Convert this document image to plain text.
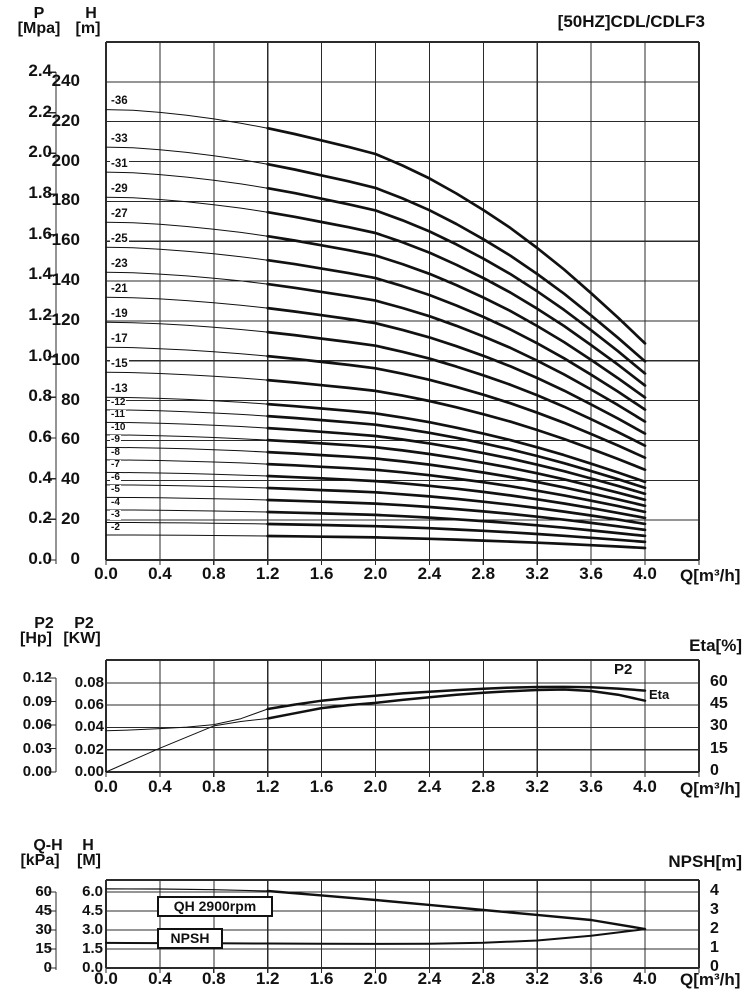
P	H
[Mpa] [m]	[50HZ]CDL/CDLF3
Q[m³/h]
P2	P2
[Hp] [KW]	Eta[%]
Q[m³/h]
P2
Eta
Q-H	H
[kPa]	[M]	NPSH[m]
Q[m³/h]
QH 2900rpm
NPSH
2.4
2.2
2.0
1.8
1.6
1.4
1.2
1.0
0.8
0.6
0.4
0.2
0.0
240
220
200
180
160
140
120
100
80
60
40
20
0
-36
-33
-31
-29
-27
-25
-23
-21
-19
-17
-15
-13
-12
-11
-10
-9
-8
-7
-6
-5
-4
-3
-2
0.12
0.09
0.06
0.03
0.00
0.08
0.06
0.04
0.02
0.00
60
45
30
15
0
60
45
30
15
0
6.0
4.5
3.0
1.5
0.0
4
3
2
1
0
0.0	0.4	0.8	1.2	1.6	2.0	2.4	2.8	3.2	3.6	4.0
0.0	0.4	0.8	1.2	1.6	2.0	2.4	2.8	3.2	3.6	4.0
0.0	0.4	0.8	1.2	1.6	2.0	2.4	2.8	3.2	3.6	4.0
